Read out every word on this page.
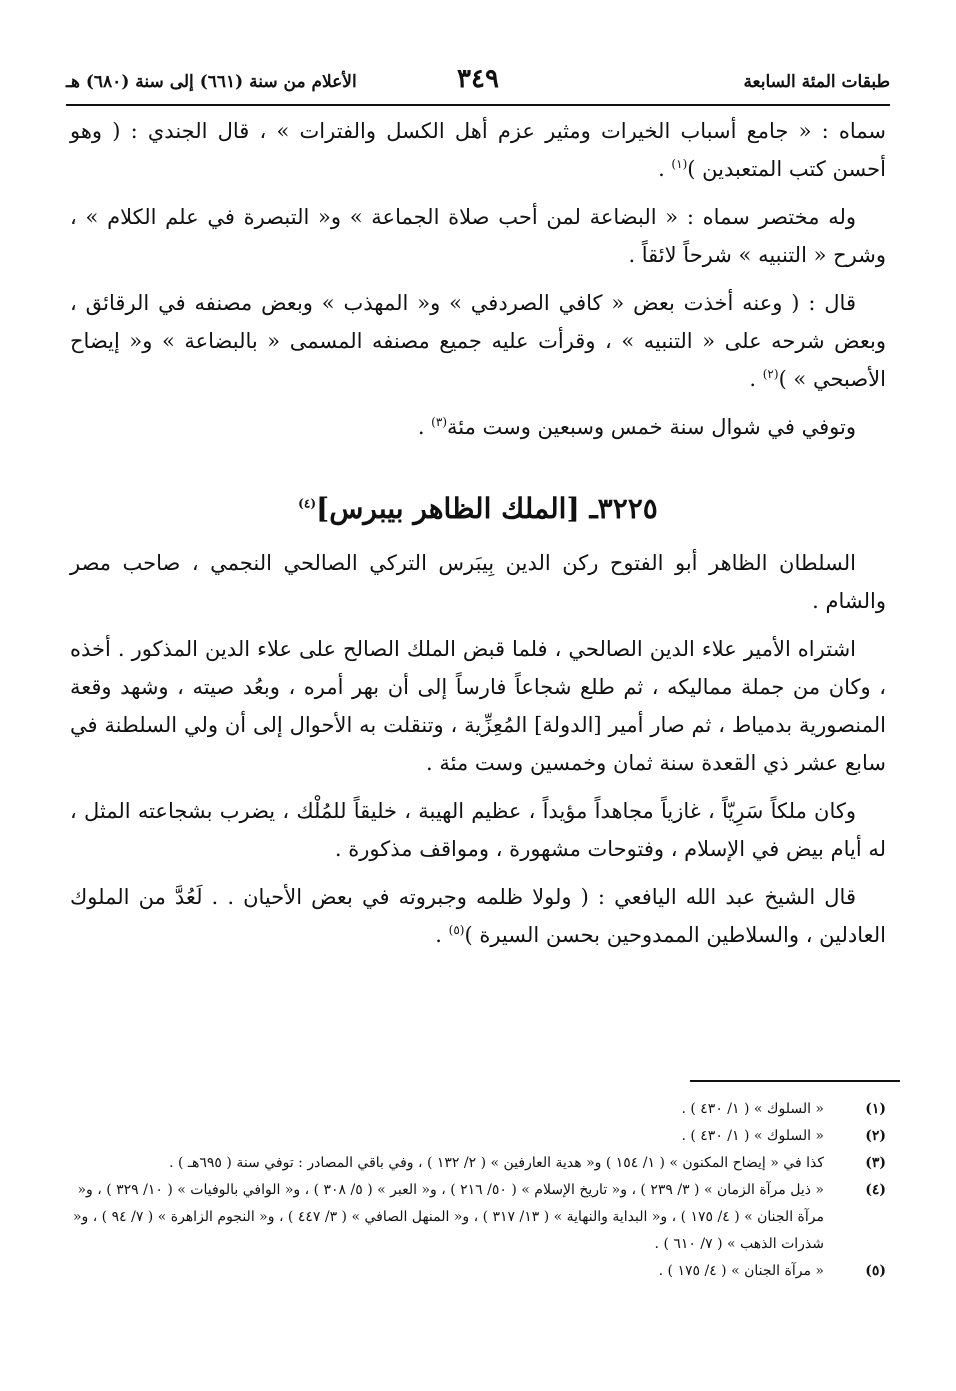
طبقات المئة السابعة
٣٤٩
الأعلام من سنة (٦٦١) إلى سنة (٦٨٠) هـ

سماه : « جامع أسباب الخيرات ومثير عزم أهل الكسل والفترات » ، قال الجندي : ( وهو أحسن كتب المتعبدين )$^{(١)}$ .

وله مختصر سماه : « البضاعة لمن أحب صلاة الجماعة » و« التبصرة في علم الكلام » ، وشرح « التنبيه » شرحاً لائقاً .

قال : ( وعنه أخذت بعض « كافي الصردفي » و« المهذب » وبعض مصنفه في الرقائق ، وبعض شرحه على « التنبيه » ، وقرأت عليه جميع مصنفه المسمى « بالبضاعة » و« إيضاح الأصبحي » )$^{(٢)}$ .

وتوفي في شوال سنة خمس وسبعين وست مئة$^{(٣)}$ .

٣٢٢٥ـ [الملك الظاهر بيبرس]$^{(٤)}$

السلطان الظاهر أبو الفتوح ركن الدين بِيبَرس التركي الصالحي النجمي ، صاحب مصر والشام .

اشتراه الأمير علاء الدين الصالحي ، فلما قبض الملك الصالح على علاء الدين المذكور . أخذه ، وكان من جملة مماليكه ، ثم طلع شجاعاً فارساً إلى أن بهر أمره ، وبعُد صيته ، وشهد وقعة المنصورية بدمياط ، ثم صار أمير [الدولة] المُعِزِّية ، وتنقلت به الأحوال إلى أن ولي السلطنة في سابع عشر ذي القعدة سنة ثمان وخمسين وست مئة .

وكان ملكاً سَرِيّاً ، غازياً مجاهداً مؤيداً ، عظيم الهيبة ، خليقاً للمُلْك ، يضرب بشجاعته المثل ، له أيام بيض في الإسلام ، وفتوحات مشهورة ، ومواقف مذكورة .

قال الشيخ عبد الله اليافعي : ( ولولا ظلمه وجبروته في بعض الأحيان . . لَعُدَّ من الملوك العادلين ، والسلاطين الممدوحين بحسن السيرة )$^{(٥)}$ .

(١)
« السلوك » ( ١/ ٤٣٠ ) .
(٢)
« السلوك » ( ١/ ٤٣٠ ) .
(٣)
كذا في « إيضاح المكنون » ( ١/ ١٥٤ ) و« هدية العارفين » ( ٢/ ١٣٢ ) ، وفي باقي المصادر : توفي سنة ( ٦٩٥هـ ) .
(٤)
« ذيل مرآة الزمان » ( ٣/ ٢٣٩ ) ، و« تاريخ الإسلام » ( ٥٠/ ٢١٦ ) ، و« العبر » ( ٥/ ٣٠٨ ) ، و« الوافي بالوفيات » ( ١٠/ ٣٢٩ ) ، و« مرآة الجنان » ( ٤/ ١٧٥ ) ، و« البداية والنهاية » ( ١٣/ ٣١٧ ) ، و« المنهل الصافي » ( ٣/ ٤٤٧ ) ، و« النجوم الزاهرة » ( ٧/ ٩٤ ) ، و« شذرات الذهب » ( ٧/ ٦١٠ ) .
(٥)
« مرآة الجنان » ( ٤/ ١٧٥ ) .
